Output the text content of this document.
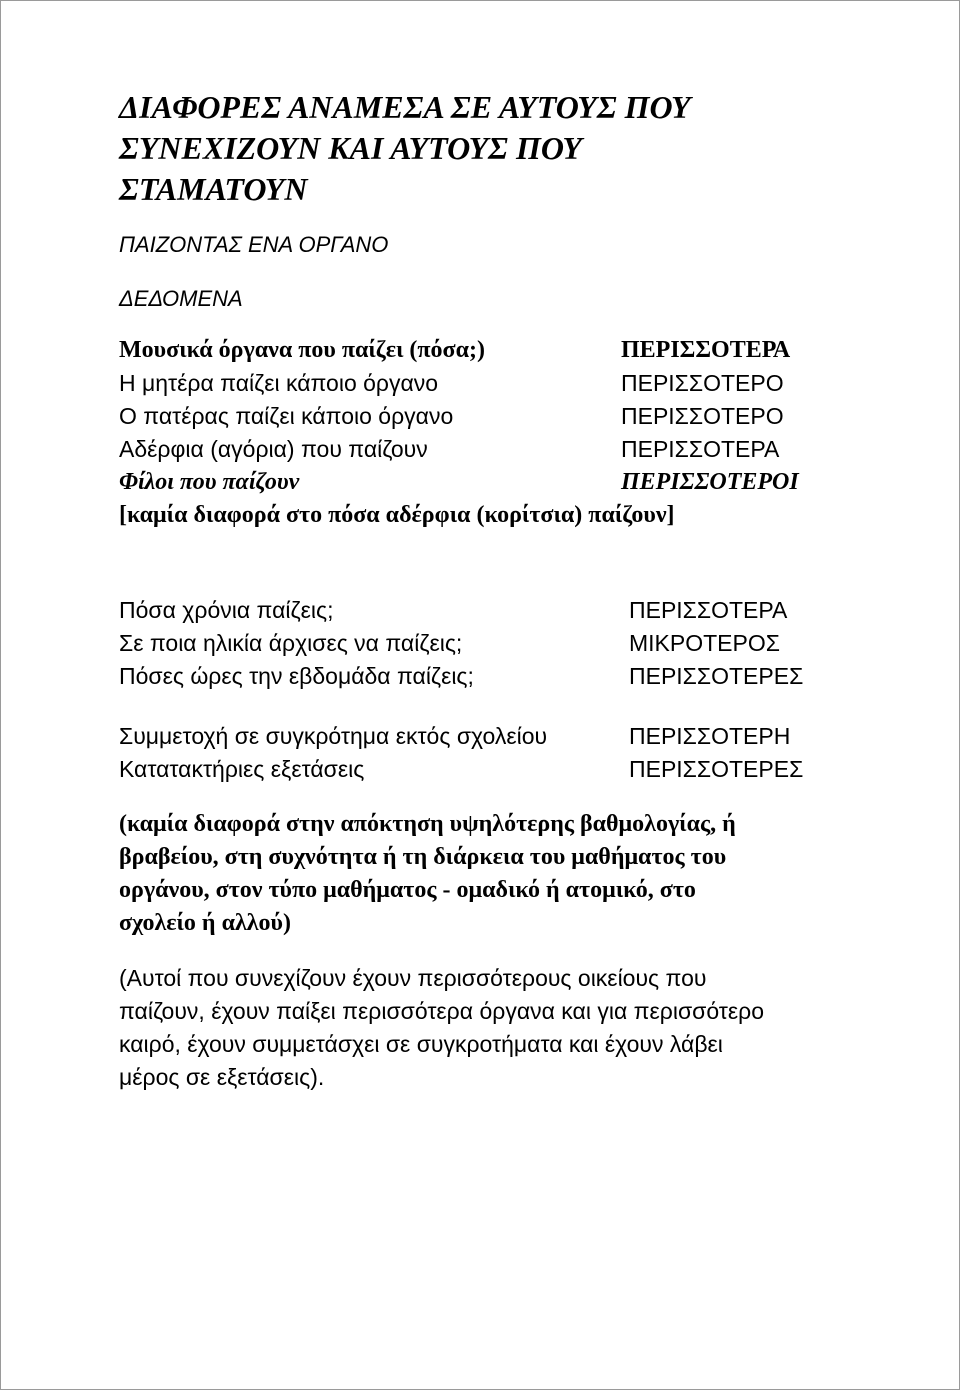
ΔΙΑΦΟΡΕΣ ΑΝΑΜΕΣΑ ΣΕ ΑΥΤΟΥΣ ΠΟΥ
ΣΥΝΕΧΙΖΟΥΝ ΚΑΙ ΑΥΤΟΥΣ ΠΟΥ
ΣΤΑΜΑΤΟΥΝ
ΠΑΙΖΟΝΤΑΣ ΕΝΑ ΟΡΓΑΝΟ
ΔΕΔΟΜΕΝΑ
Μουσικά όργανα που παίζει (πόσα;)	ΠΕΡΙΣΣΟΤΕΡΑ
Η μητέρα παίζει κάποιο όργανο	ΠΕΡΙΣΣΟΤΕΡΟ
Ο πατέρας παίζει κάποιο όργανο	ΠΕΡΙΣΣΟΤΕΡΟ
Αδέρφια (αγόρια) που παίζουν	ΠΕΡΙΣΣΟΤΕΡΑ
Φίλοι που παίζουν	ΠΕΡΙΣΣΟΤΕΡΟΙ
[καμία διαφορά στο πόσα αδέρφια (κορίτσια) παίζουν]
Πόσα χρόνια παίζεις;	ΠΕΡΙΣΣΟΤΕΡΑ
Σε ποια ηλικία άρχισες να παίζεις;	ΜΙΚΡΟΤΕΡΟΣ
Πόσες ώρες την εβδομάδα παίζεις;	ΠΕΡΙΣΣΟΤΕΡΕΣ
Συμμετοχή σε συγκρότημα εκτός σχολείου	ΠΕΡΙΣΣΟΤΕΡΗ
Κατατακτήριες εξετάσεις	ΠΕΡΙΣΣΟΤΕΡΕΣ
(καμία διαφορά στην απόκτηση υψηλότερης βαθμολογίας, ή
βραβείου, στη συχνότητα ή τη διάρκεια του μαθήματος του
οργάνου, στον τύπο μαθήματος - ομαδικό ή ατομικό, στο
σχολείο ή αλλού)
(Αυτοί που συνεχίζουν έχουν περισσότερους οικείους που
παίζουν, έχουν παίξει περισσότερα όργανα και για περισσότερο
καιρό, έχουν συμμετάσχει σε συγκροτήματα και έχουν λάβει
μέρος σε εξετάσεις).
